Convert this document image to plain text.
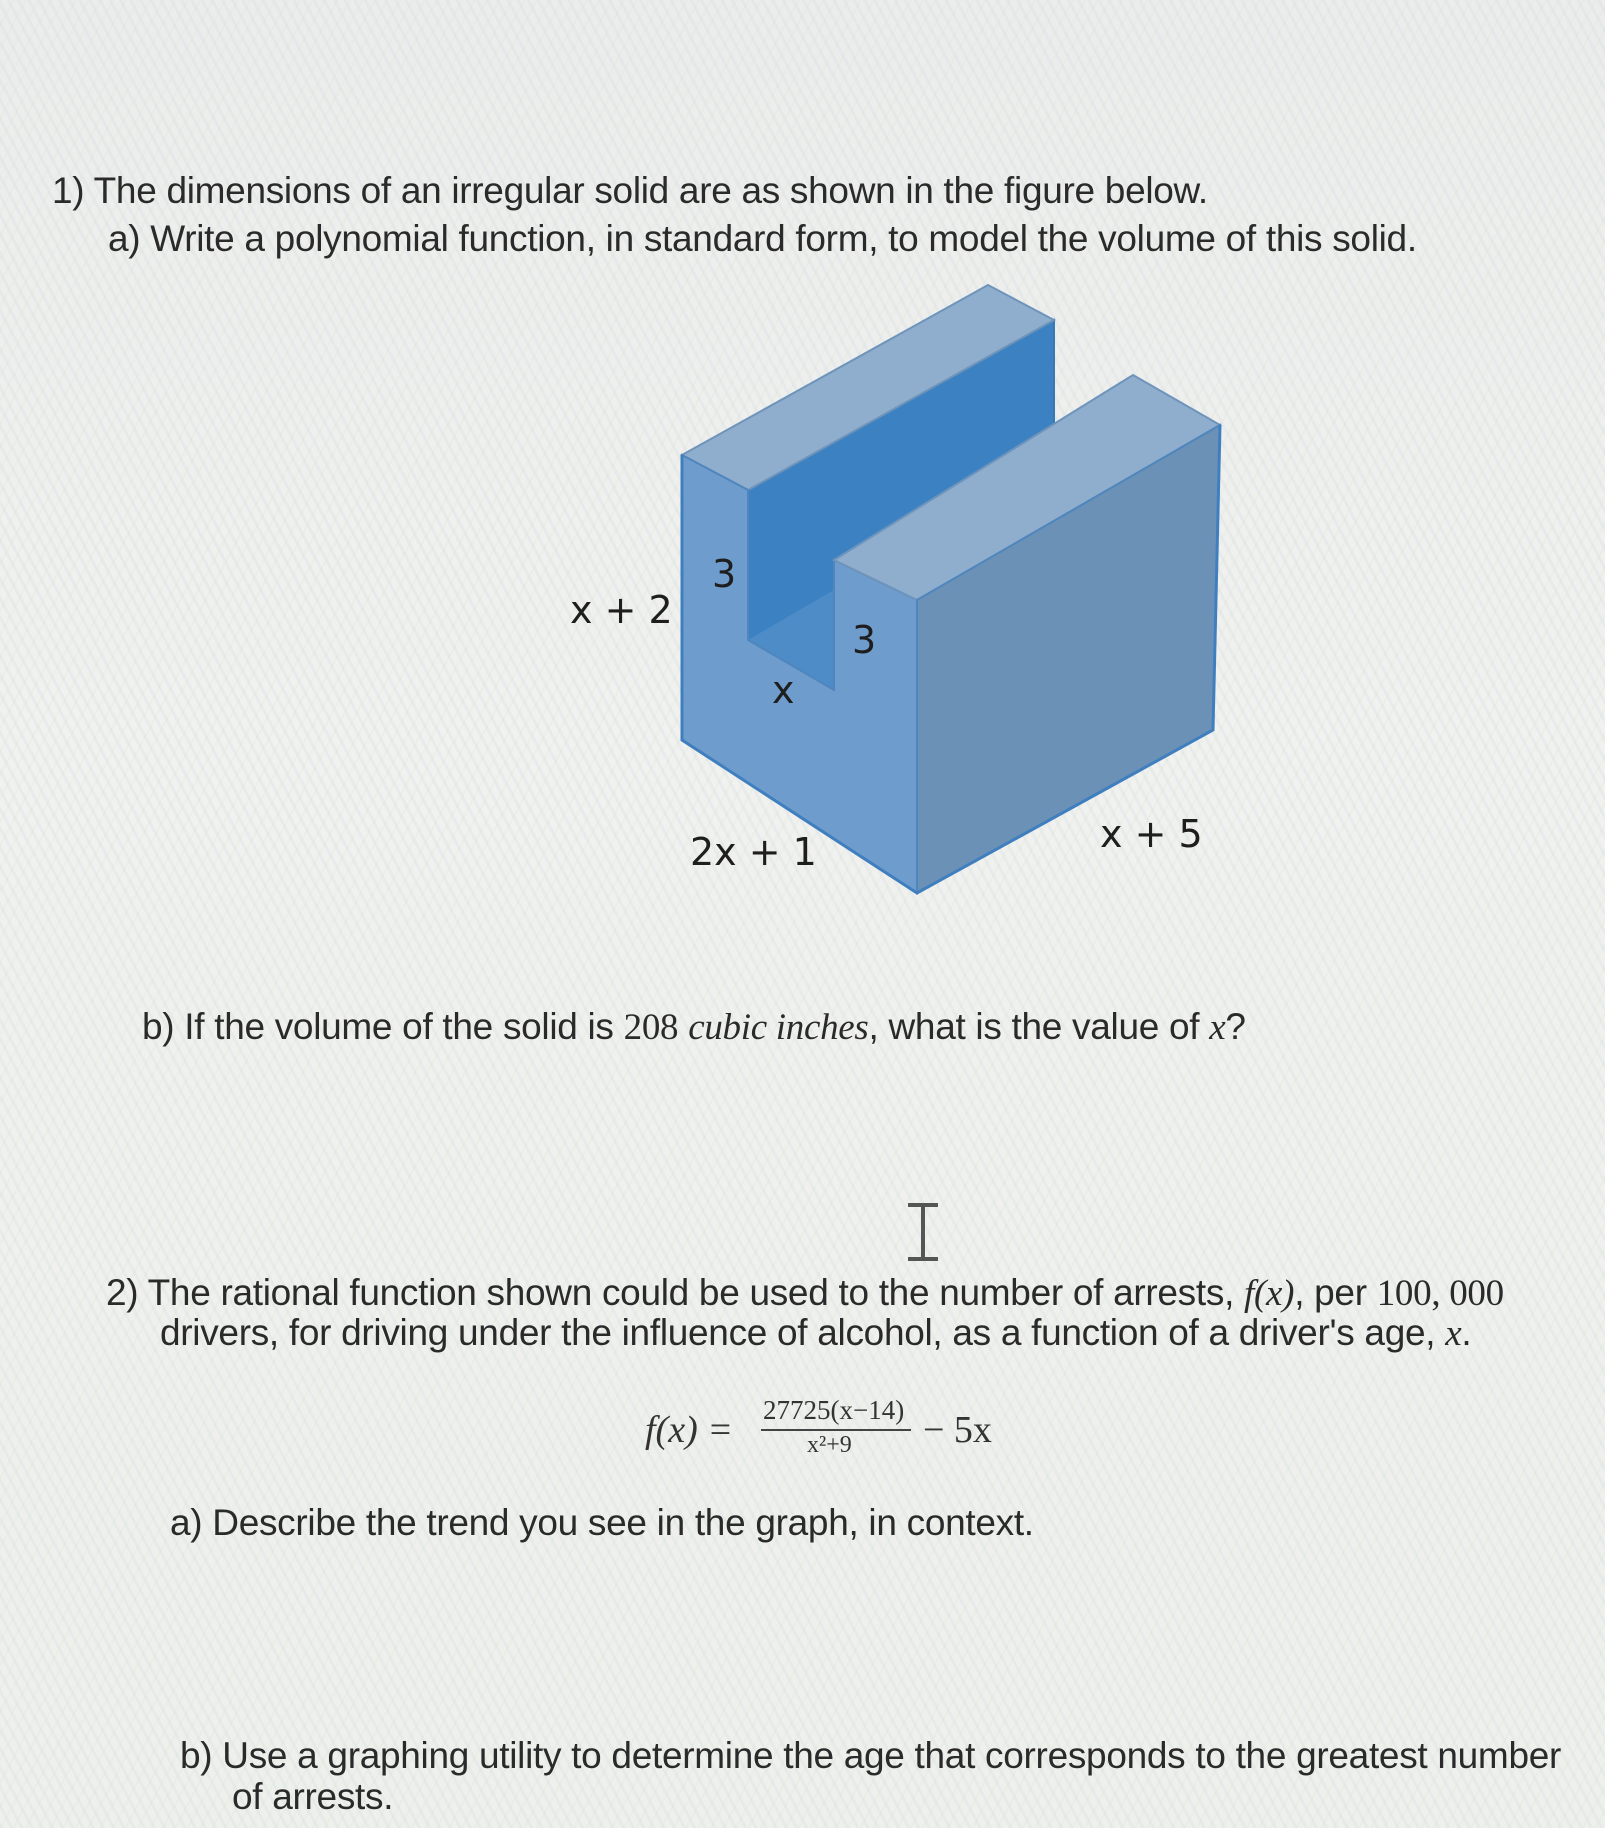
1) The dimensions of an irregular solid are as shown in the figure below.
a) Write a polynomial function, in standard form, to model the volume of this solid.
x + 2
3
3
x
2x + 1	x + 5
b) If the volume of the solid is 208 cubic inches, what is the value of x?
2) The rational function shown could be used to the number of arrests, f(x), per 100, 000
drivers, for driving under the influence of alcohol, as a function of a driver's age, x.
f(x) = 27725(x−14)
x²+9 − 5x
a) Describe the trend you see in the graph, in context.
b) Use a graphing utility to determine the age that corresponds to the greatest number
of arrests.
